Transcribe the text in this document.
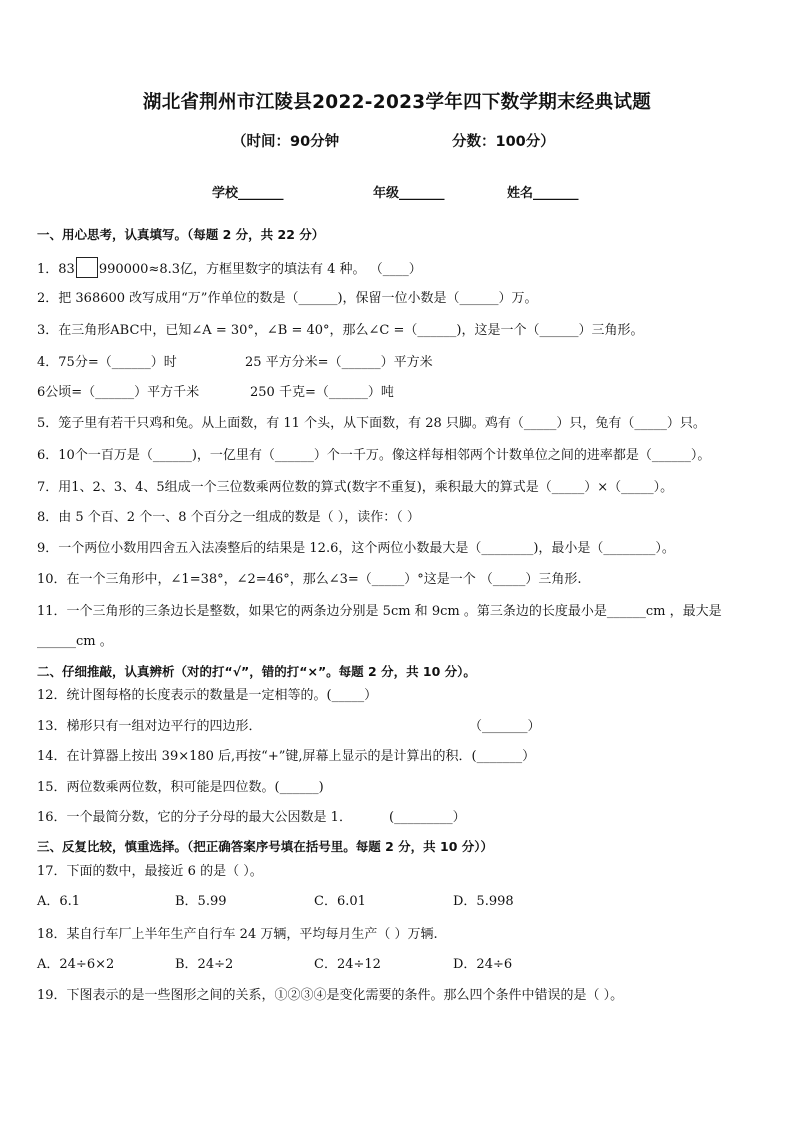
湖北省荆州市江陵县2022-2023学年四下数学期末经典试题
（时间：90分钟	分数：100分）
学校_______	年级_______	姓名_______
一、用心思考，认真填写。（每题 2 分，共 22 分）
1．83 990000≈8.3亿，方框里数字的填法有 4 种。 （____）
2．把 368600 改写成用“万”作单位的数是（______)，保留一位小数是（______）万。
3．在三角形ABC中，已知∠A = 30°，∠B = 40°，那么∠C =（______)，这是一个（______）三角形。
4．75分=（______）时	25 平方分米=（______）平方米
6公顷=（______）平方千米	250 千克=（______）吨
5．笼子里有若干只鸡和兔。从上面数，有 11 个头，从下面数，有 28 只脚。鸡有（_____）只，兔有（_____）只。
6．10个一百万是（______)，一亿里有（______）个一千万。像这样每相邻两个计数单位之间的进率都是（______）。
7．用1、2、3、4、5组成一个三位数乘两位数的算式(数字不重复)，乘积最大的算式是（_____）×（_____）。
8．由 5 个百、2 个一、8 个百分之一组成的数是（ ），读作：（ ）
9．一个两位小数用四舍五入法凑整后的结果是 12.6，这个两位小数最大是（________)，最小是（________）。
10．在一个三角形中，∠1=38°，∠2=46°，那么∠3=（_____）°这是一个 （_____）三角形.
11．一个三角形的三条边长是整数，如果它的两条边分别是 5cm 和 9cm 。第三条边的长度最小是______cm ，最大是
______cm 。
二、仔细推敲，认真辨析（对的打“√”，错的打“×”。每题 2 分，共 10 分）。
12．统计图每格的长度表示的数量是一定相等的。(_____）
13．梯形只有一组对边平行的四边形．	（_______）
14．在计算器上按出 39×180 后,再按“+”键,屏幕上显示的是计算出的积．(_______）
15．两位数乘两位数，积可能是四位数。(______)
16．一个最简分数，它的分子分母的最大公因数是 1．	(_________）
三、反复比较，慎重选择。（把正确答案序号填在括号里。每题 2 分，共 10 分））
17．下面的数中，最接近 6 的是（ ）。
A．6.1	B．5.99	C．6.01	D．5.998
18．某自行车厂上半年生产自行车 24 万辆，平均每月生产（ ）万辆.
A．24÷6×2	B．24÷2	C．24÷12	D．24÷6
19．下图表示的是一些图形之间的关系，①②③④是变化需要的条件。那么四个条件中错误的是（ ）。
